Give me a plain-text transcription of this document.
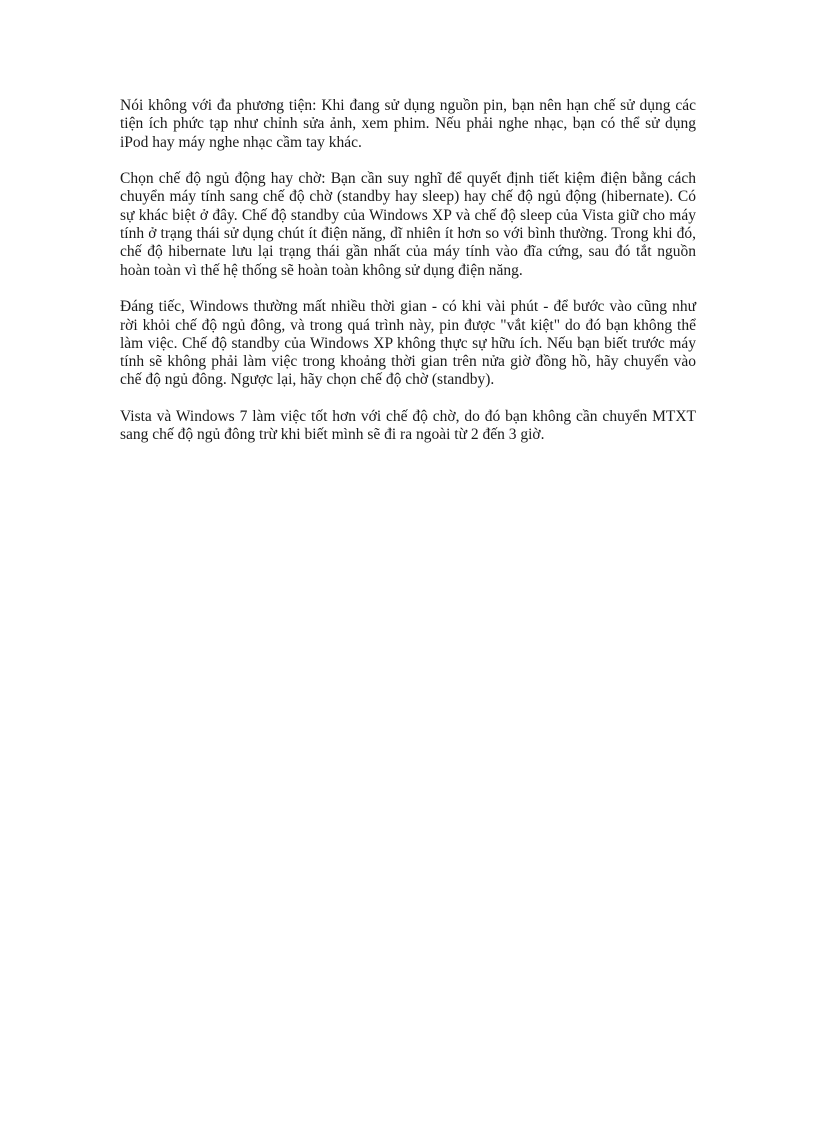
Nói không với đa phương tiện: Khi đang sử dụng nguồn pin, bạn nên hạn chế sử dụng các tiện ích phức tạp như chỉnh sửa ảnh, xem phim. Nếu phải nghe nhạc, bạn có thể sử dụng iPod hay máy nghe nhạc cầm tay khác.

Chọn chế độ ngủ động hay chờ: Bạn cần suy nghĩ để quyết định tiết kiệm điện bằng cách chuyển máy tính sang chế độ chờ (standby hay sleep) hay chế độ ngủ động (hibernate). Có sự khác biệt ở đây. Chế độ standby của Windows XP và chế độ sleep của Vista giữ cho máy tính ở trạng thái sử dụng chút ít điện năng, dĩ nhiên ít hơn so với bình thường. Trong khi đó, chế độ hibernate lưu lại trạng thái gần nhất của máy tính vào đĩa cứng, sau đó tắt nguồn hoàn toàn vì thế hệ thống sẽ hoàn toàn không sử dụng điện năng.

Đáng tiếc, Windows thường mất nhiều thời gian - có khi vài phút - để bước vào cũng như rời khỏi chế độ ngủ đông, và trong quá trình này, pin được "vắt kiệt" do đó bạn không thể làm việc. Chế độ standby của Windows XP không thực sự hữu ích. Nếu bạn biết trước máy tính sẽ không phải làm việc trong khoảng thời gian trên nửa giờ đồng hồ, hãy chuyển vào chế độ ngủ đông. Ngược lại, hãy chọn chế độ chờ (standby).

Vista và Windows 7 làm việc tốt hơn với chế độ chờ, do đó bạn không cần chuyển MTXT sang chế độ ngủ đông trừ khi biết mình sẽ đi ra ngoài từ 2 đến 3 giờ.
